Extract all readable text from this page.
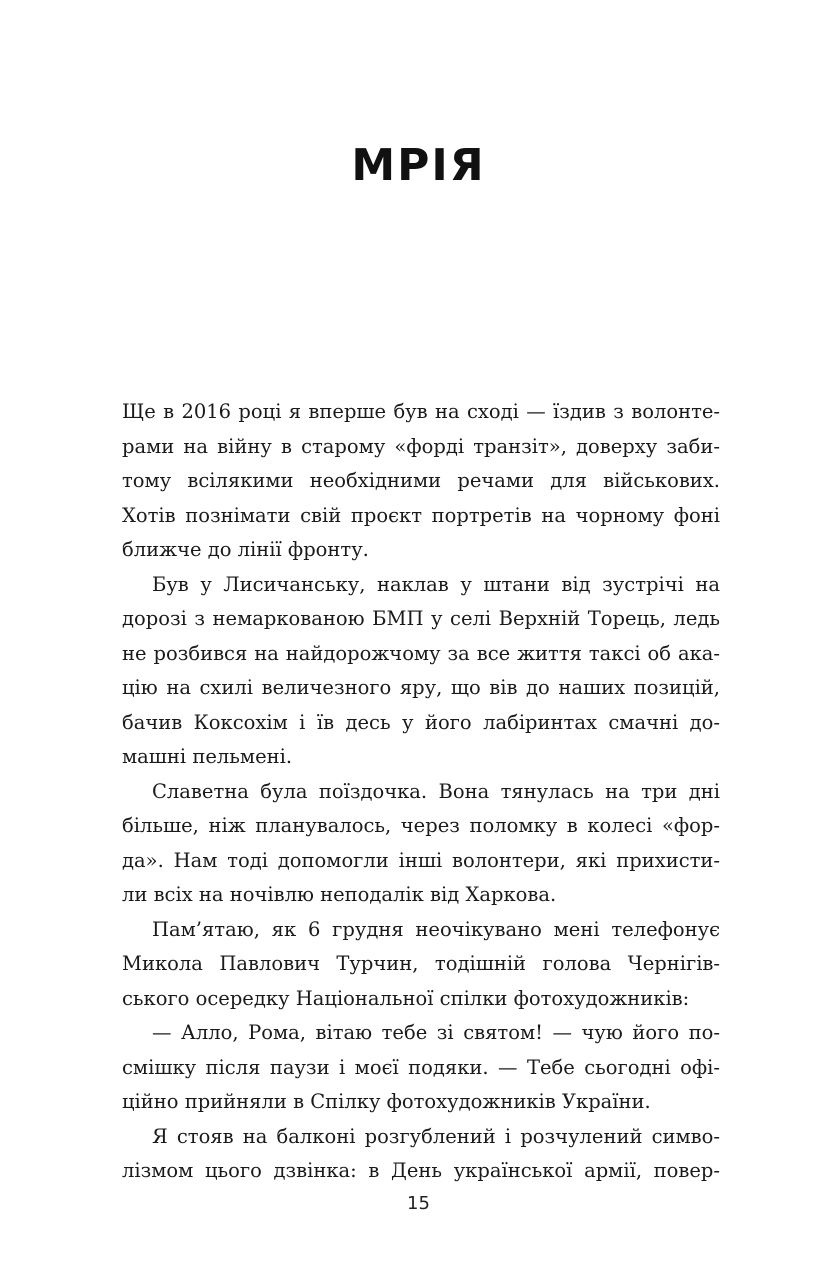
МРІЯ
Ще в 2016 році я вперше був на сході — їздив з волонте-
рами на війну в старому «форді транзіт», доверху заби-
тому всілякими необхідними речами для військових.
Хотів познімати свій проєкт портретів на чорному фоні
ближче до лінії фронту.
Був у Лисичанську, наклав у штани від зустрічі на
дорозі з немаркованою БМП у селі Верхній Торець, ледь
не розбився на найдорожчому за все життя таксі об ака-
цію на схилі величезного яру, що вів до наших позицій,
бачив Коксохім і їв десь у його лабіринтах смачні до-
машні пельмені.
Славетна була поїздочка. Вона тянулась на три дні
більше, ніж планувалось, через поломку в колесі «фор-
да». Нам тоді допомогли інші волонтери, які прихисти-
ли всіх на ночівлю неподалік від Харкова.
Пам’ятаю, як 6 грудня неочікувано мені телефонує
Микола Павлович Турчин, тодішній голова Чернігів-
ського осередку Національної спілки фотохудожників:
— Алло, Рома, вітаю тебе зі святом! — чую його по-
смішку після паузи і моєї подяки. — Тебе сьогодні офі-
ційно прийняли в Спілку фотохудожників України.
Я стояв на балконі розгублений і розчулений симво-
лізмом цього дзвінка: в День української армії, повер-
15
